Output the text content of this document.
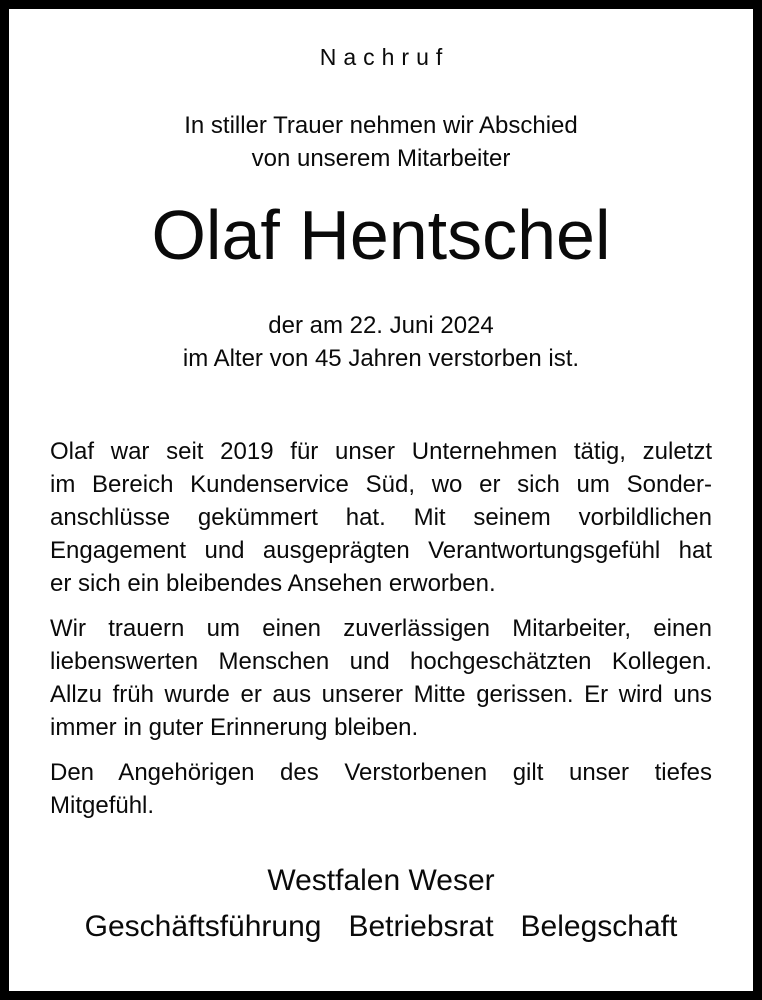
Nachruf
In stiller Trauer nehmen wir Abschied
von unserem Mitarbeiter
Olaf Hentschel
der am 22. Juni 2024
im Alter von 45 Jahren verstorben ist.
Olaf war seit 2019 für unser Unternehmen tätig, zuletzt
im Bereich Kundenservice Süd, wo er sich um Sonder-
anschlüsse gekümmert hat. Mit seinem vorbildlichen
Engagement und ausgeprägten Verantwortungsgefühl hat
er sich ein bleibendes Ansehen erworben.
Wir trauern um einen zuverlässigen Mitarbeiter, einen
liebenswerten Menschen und hochgeschätzten Kollegen.
Allzu früh wurde er aus unserer Mitte gerissen. Er wird uns
immer in guter Erinnerung bleiben.
Den Angehörigen des Verstorbenen gilt unser tiefes
Mitgefühl.
Westfalen Weser
Geschäftsführung Betriebsrat Belegschaft
